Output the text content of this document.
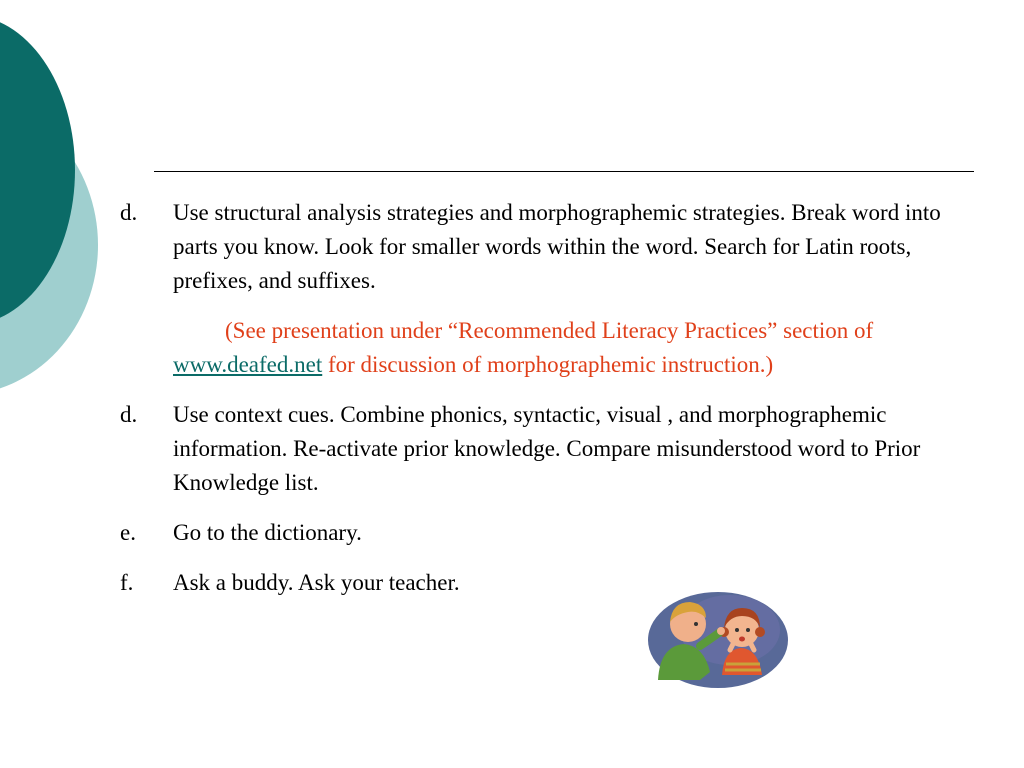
d.	Use structural analysis strategies and morphographemic strategies. Break word into parts you know. Look for smaller words within the word. Search for Latin roots, prefixes, and suffixes.
(See presentation under “Recommended Literacy Practices” section of www.deafed.net for discussion of morphographemic instruction.)
d.	Use context cues. Combine phonics, syntactic, visual , and morphographemic information. Re-activate prior knowledge. Compare misunderstood word to Prior Knowledge list.
e.	Go to the dictionary.
f.	Ask a buddy. Ask your teacher.
